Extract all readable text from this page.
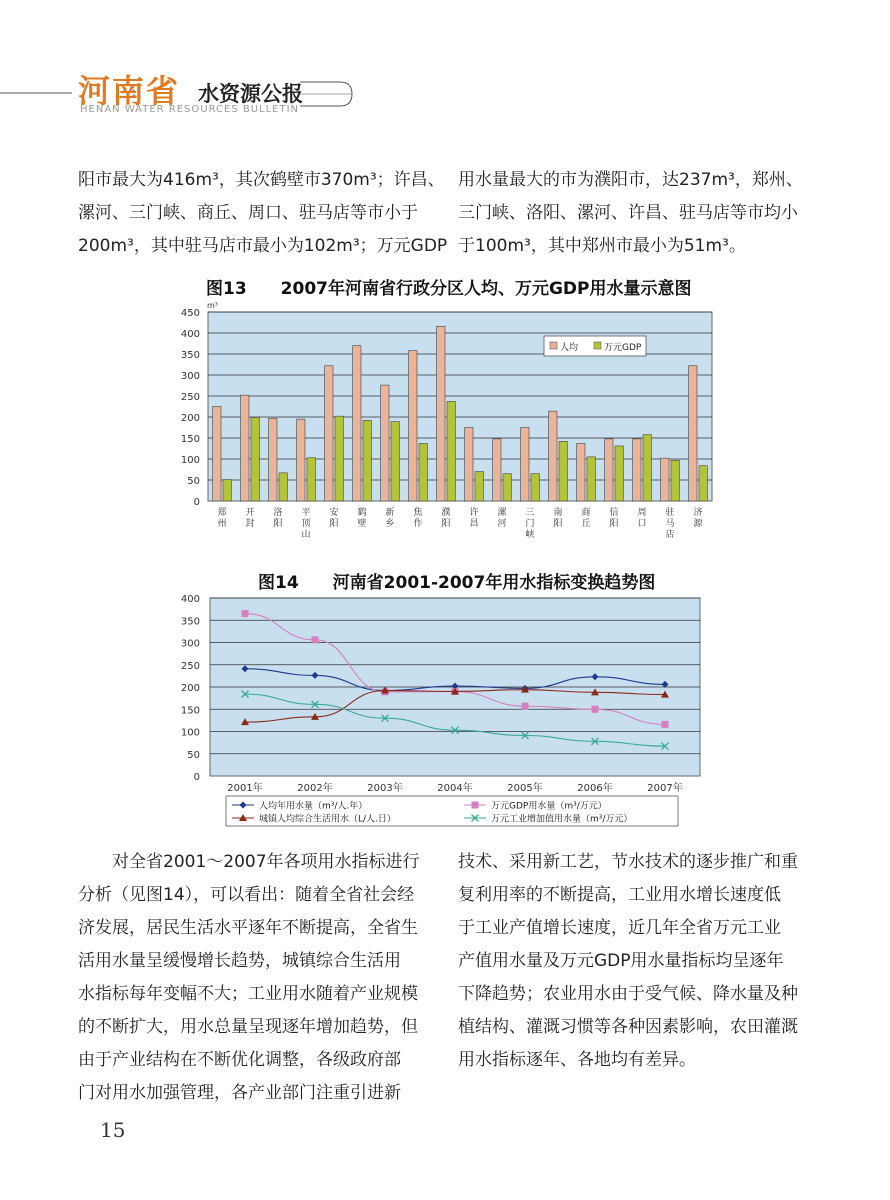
河南省 水资源公报
HENAN WATER RESOURCES BULLETIN

阳市最大为416m³，其次鹤壁市370m³；许昌、

漯河、三门峡、商丘、周口、驻马店等市小于

200m³，其中驻马店市最小为102m³；万元GDP

用水量最大的市为濮阳市，达237m³，郑州、

三门峡、洛阳、漯河、许昌、驻马店等市均小

于100m³，其中郑州市最小为51m³。

图13　　2007年河南省行政分区人均、万元GDP用水量示意图
0
50
100
150
200
250
300
350
400
450
m³
郑州
开封
洛阳
平顶山
安阳
鹤壁
新乡
焦作
濮阳
许昌
漯河
三门峡
南阳
商丘
信阳
周口
驻马店
济源
人均	万元GDP
图14　　河南省2001-2007年用水指标变换趋势图
0
50
100
150
200
250
300
350
400
2001年	2002年	2003年	2004年	2005年	2006年	2007年
人均年用水量（m³/人.年）	万元GDP用水量（m³/万元）
城镇人均综合生活用水（L/人.日）	万元工业增加值用水量（m³/万元）

　　对全省2001～2007年各项用水指标进行

分析（见图14），可以看出：随着全省社会经

济发展，居民生活水平逐年不断提高，全省生

活用水量呈缓慢增长趋势，城镇综合生活用

水指标每年变幅不大；工业用水随着产业规模

的不断扩大，用水总量呈现逐年增加趋势，但

由于产业结构在不断优化调整，各级政府部

门对用水加强管理，各产业部门注重引进新

技术、采用新工艺，节水技术的逐步推广和重

复利用率的不断提高，工业用水增长速度低

于工业产值增长速度，近几年全省万元工业

产值用水量及万元GDP用水量指标均呈逐年

下降趋势；农业用水由于受气候、降水量及种

植结构、灌溉习惯等各种因素影响，农田灌溉

用水指标逐年、各地均有差异。

15
